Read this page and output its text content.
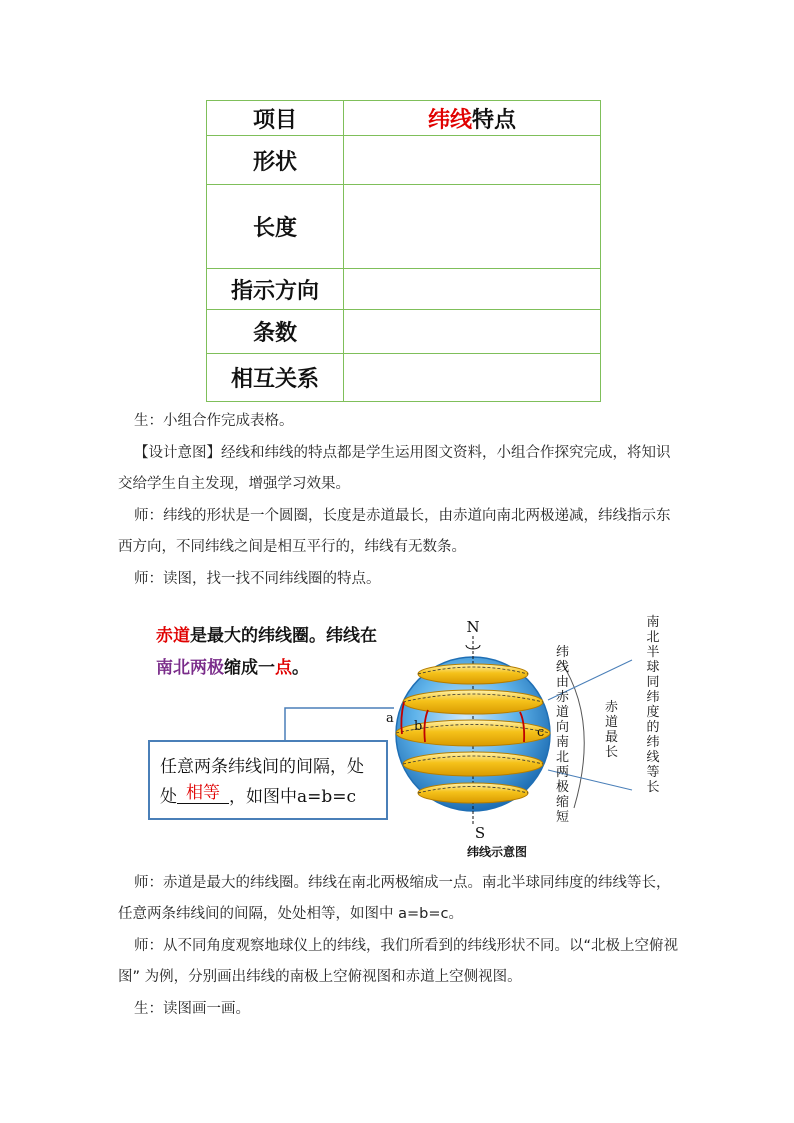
项目	纬线特点
形状	
长度	
指示方向	
条数	
相互关系	
生：小组合作完成表格。
【设计意图】经线和纬线的特点都是学生运用图文资料，小组合作探究完成，将知识交给学生自主发现，增强学习效果。
师：纬线的形状是一个圆圈，长度是赤道最长，由赤道向南北两极递减，纬线指示东西方向，不同纬线之间是相互平行的，纬线有无数条。
师：读图，找一找不同纬线圈的特点。
赤道是最大的纬线圈。纬线在
南北两极缩成一点。
N
S
a
b	c
纬线示意图
纬线由赤道向南北两极缩短
赤道最长
南北半球同纬度的纬线等长
任意两条纬线间的间隔，处
处 相等 ，如图中a=b=c
师：赤道是最大的纬线圈。纬线在南北两极缩成一点。南北半球同纬度的纬线等长，任意两条纬线间的间隔，处处相等，如图中 a=b=c。
师：从不同角度观察地球仪上的纬线，我们所看到的纬线形状不同。以“北极上空俯视图” 为例，分别画出纬线的南极上空俯视图和赤道上空侧视图。
生：读图画一画。
